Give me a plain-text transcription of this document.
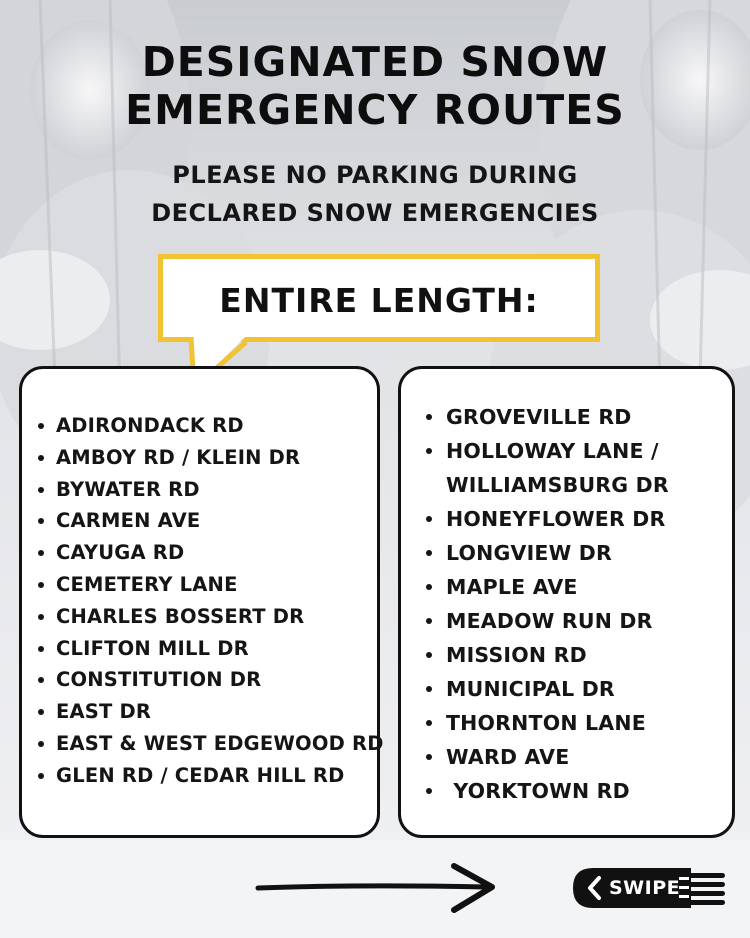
DESIGNATED SNOW
EMERGENCY ROUTES
PLEASE NO PARKING DURING
DECLARED SNOW EMERGENCIES
ENTIRE LENGTH:
ADIRONDACK RD
AMBOY RD / KLEIN DR
BYWATER RD
CARMEN AVE
CAYUGA RD
CEMETERY LANE
CHARLES BOSSERT DR
CLIFTON MILL DR
CONSTITUTION DR
EAST DR
EAST & WEST EDGEWOOD RD
GLEN RD / CEDAR HILL RD
GROVEVILLE RD
HOLLOWAY LANE /
WILLIAMSBURG DR
HONEYFLOWER DR
LONGVIEW DR
MAPLE AVE
MEADOW RUN DR
MISSION RD
MUNICIPAL DR
THORNTON LANE
WARD AVE
YORKTOWN RD
SWIPE
